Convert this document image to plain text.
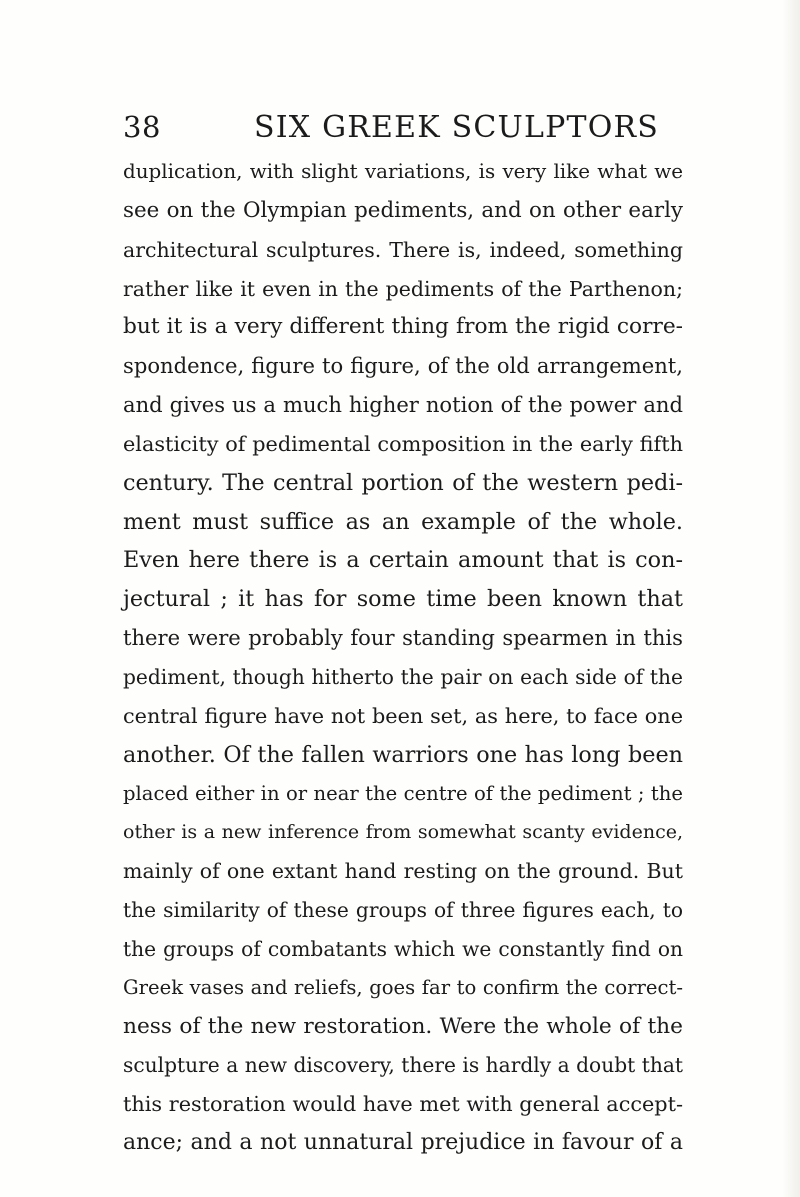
38	SIX GREEK SCULPTORS
duplication, with slight variations, is very like what we
see on the Olympian pediments, and on other early
architectural sculptures. There is, indeed, something
rather like it even in the pediments of the Parthenon;
but it is a very different thing from the rigid corre-
spondence, figure to figure, of the old arrangement,
and gives us a much higher notion of the power and
elasticity of pedimental composition in the early fifth
century. The central portion of the western pedi-
ment must suffice as an example of the whole.
Even here there is a certain amount that is con-
jectural ; it has for some time been known that
there were probably four standing spearmen in this
pediment, though hitherto the pair on each side of the
central figure have not been set, as here, to face one
another. Of the fallen warriors one has long been
placed either in or near the centre of the pediment ; the
other is a new inference from somewhat scanty evidence,
mainly of one extant hand resting on the ground. But
the similarity of these groups of three figures each, to
the groups of combatants which we constantly find on
Greek vases and reliefs, goes far to confirm the correct-
ness of the new restoration. Were the whole of the
sculpture a new discovery, there is hardly a doubt that
this restoration would have met with general accept-
ance; and a not unnatural prejudice in favour of a
